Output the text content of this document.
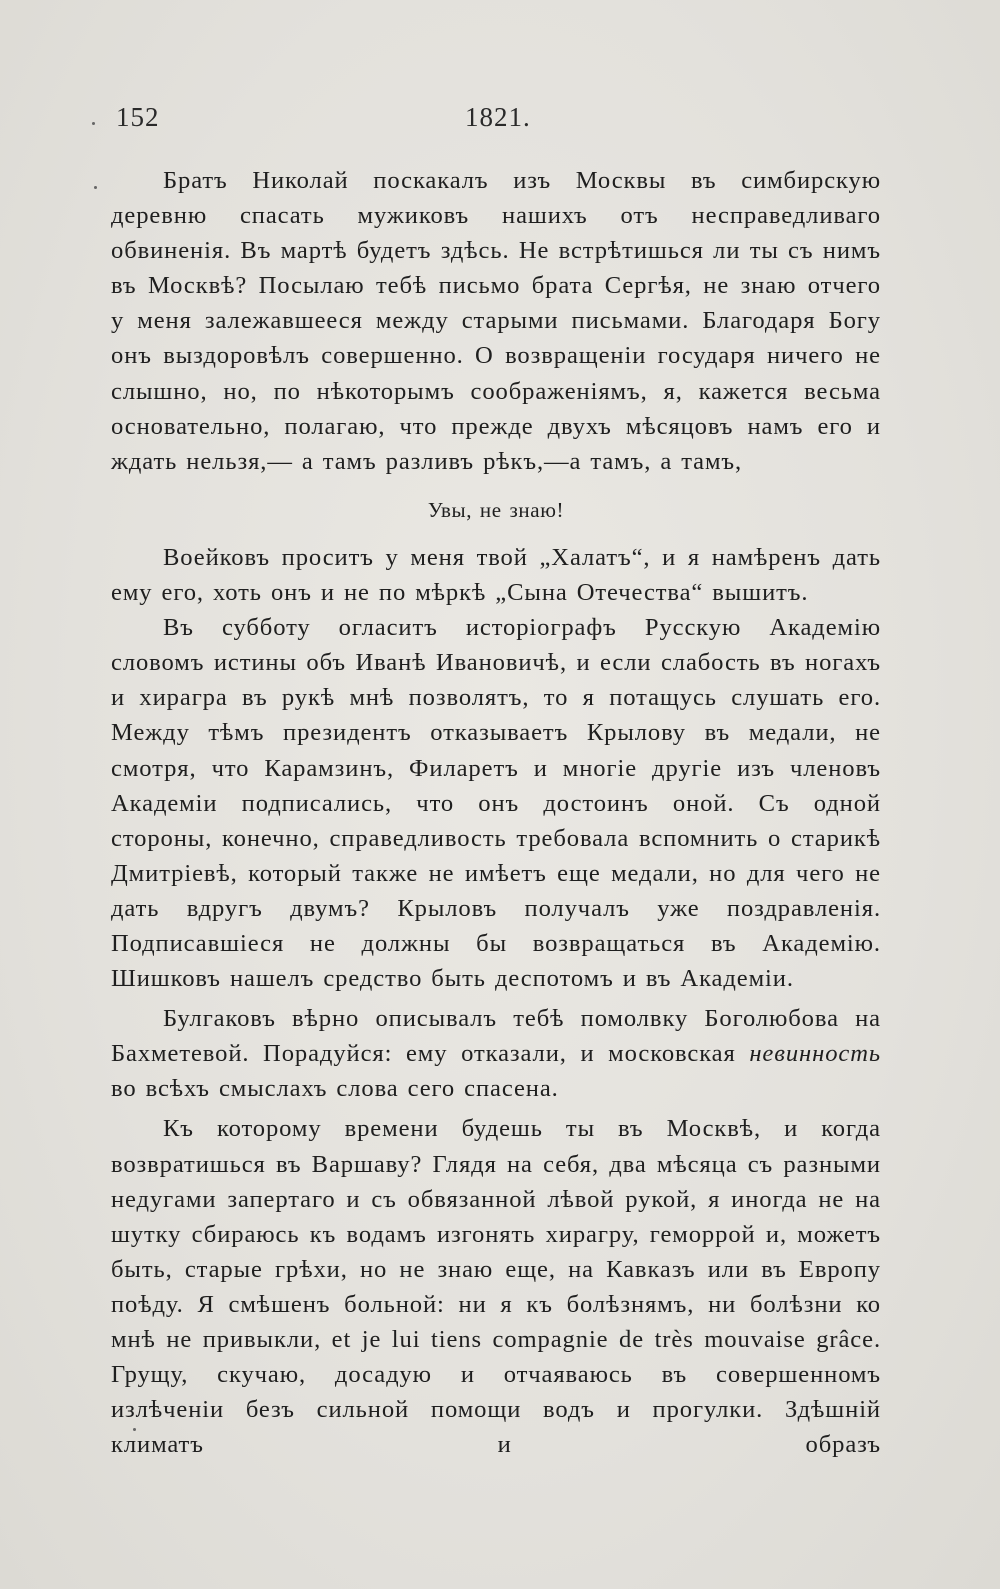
152	1821.

Братъ Николай поскакалъ изъ Москвы въ симбирскую деревню спасать мужиковъ нашихъ отъ несправедливаго обвиненія. Въ мартѣ будетъ здѣсь. Не встрѣтишься ли ты съ нимъ въ Москвѣ? Посылаю тебѣ письмо брата Сергѣя, не знаю отчего у меня залежавшееся между старыми письмами. Благодаря Богу онъ выздоровѣлъ совершенно. О возвращеніи государя ничего не слышно, но, по нѣкоторымъ соображеніямъ, я, кажется весьма основательно, полагаю, что прежде двухъ мѣсяцовъ намъ его и ждать нельзя,— а тамъ разливъ рѣкъ,—а тамъ, а тамъ,

Увы, не знаю!

Воейковъ проситъ у меня твой „Халатъ“, и я намѣренъ дать ему его, хоть онъ и не по мѣркѣ „Сына Отечества“ вышитъ.

Въ субботу огласитъ исторіографъ Русскую Академію словомъ истины объ Иванѣ Ивановичѣ, и если слабость въ ногахъ и хирагра въ рукѣ мнѣ позволятъ, то я потащусь слушать его. Между тѣмъ президентъ отказываетъ Крылову въ медали, не смотря, что Карамзинъ, Филаретъ и многіе другіе изъ членовъ Академіи подписались, что онъ достоинъ оной. Съ одной стороны, конечно, справедливость требовала вспомнить о старикѣ Дмитріевѣ, который также не имѣетъ еще медали, но для чего не дать вдругъ двумъ? Крыловъ получалъ уже поздравленія. Подписавшіеся не должны бы возвращаться въ Академію. Шишковъ нашелъ средство быть деспотомъ и въ Академіи.

Булгаковъ вѣрно описывалъ тебѣ помолвку Боголюбова на Бахметевой. Порадуйся: ему отказали, и московская невинность во всѣхъ смыслахъ слова сего спасена.

Къ которому времени будешь ты въ Москвѣ, и когда возвратишься въ Варшаву? Глядя на себя, два мѣсяца съ разными недугами запертаго и съ обвязанной лѣвой рукой, я иногда не на шутку сбираюсь къ водамъ изгонять хирагру, геморрой и, можетъ быть, старые грѣхи, но не знаю еще, на Кавказъ или въ Европу поѣду. Я смѣшенъ больной: ни я къ болѣзнямъ, ни болѣзни ко мнѣ не привыкли, et je lui tiens compagnie de très mouvaise grâce. Грущу, скучаю, досадую и отчаяваюсь въ совершенномъ излѣченіи безъ сильной помощи водъ и прогулки. Здѣшній климатъ и образъ
